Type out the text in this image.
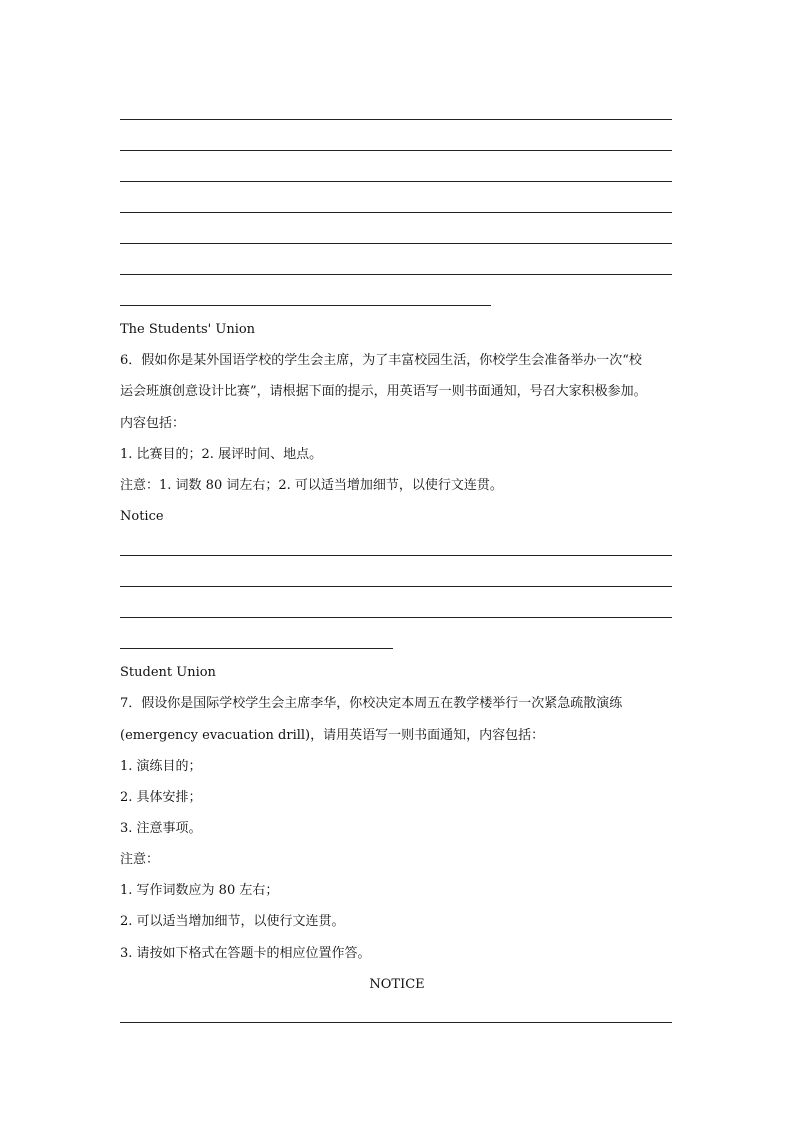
The Students' Union
6．假如你是某外国语学校的学生会主席，为了丰富校园生活，你校学生会准备举办一次“校
运会班旗创意设计比赛”，请根据下面的提示，用英语写一则书面通知，号召大家积极参加。
内容包括：
1. 比赛目的；2. 展评时间、地点。
注意：1. 词数 80 词左右；2. 可以适当增加细节，以使行文连贯。
Notice
Student Union
7．假设你是国际学校学生会主席李华，你校决定本周五在教学楼举行一次紧急疏散演练
(emergency evacuation drill)，请用英语写一则书面通知，内容包括：
1. 演练目的；
2. 具体安排；
3. 注意事项。
注意：
1. 写作词数应为 80 左右；
2. 可以适当增加细节，以使行文连贯。
3. 请按如下格式在答题卡的相应位置作答。
NOTICE
